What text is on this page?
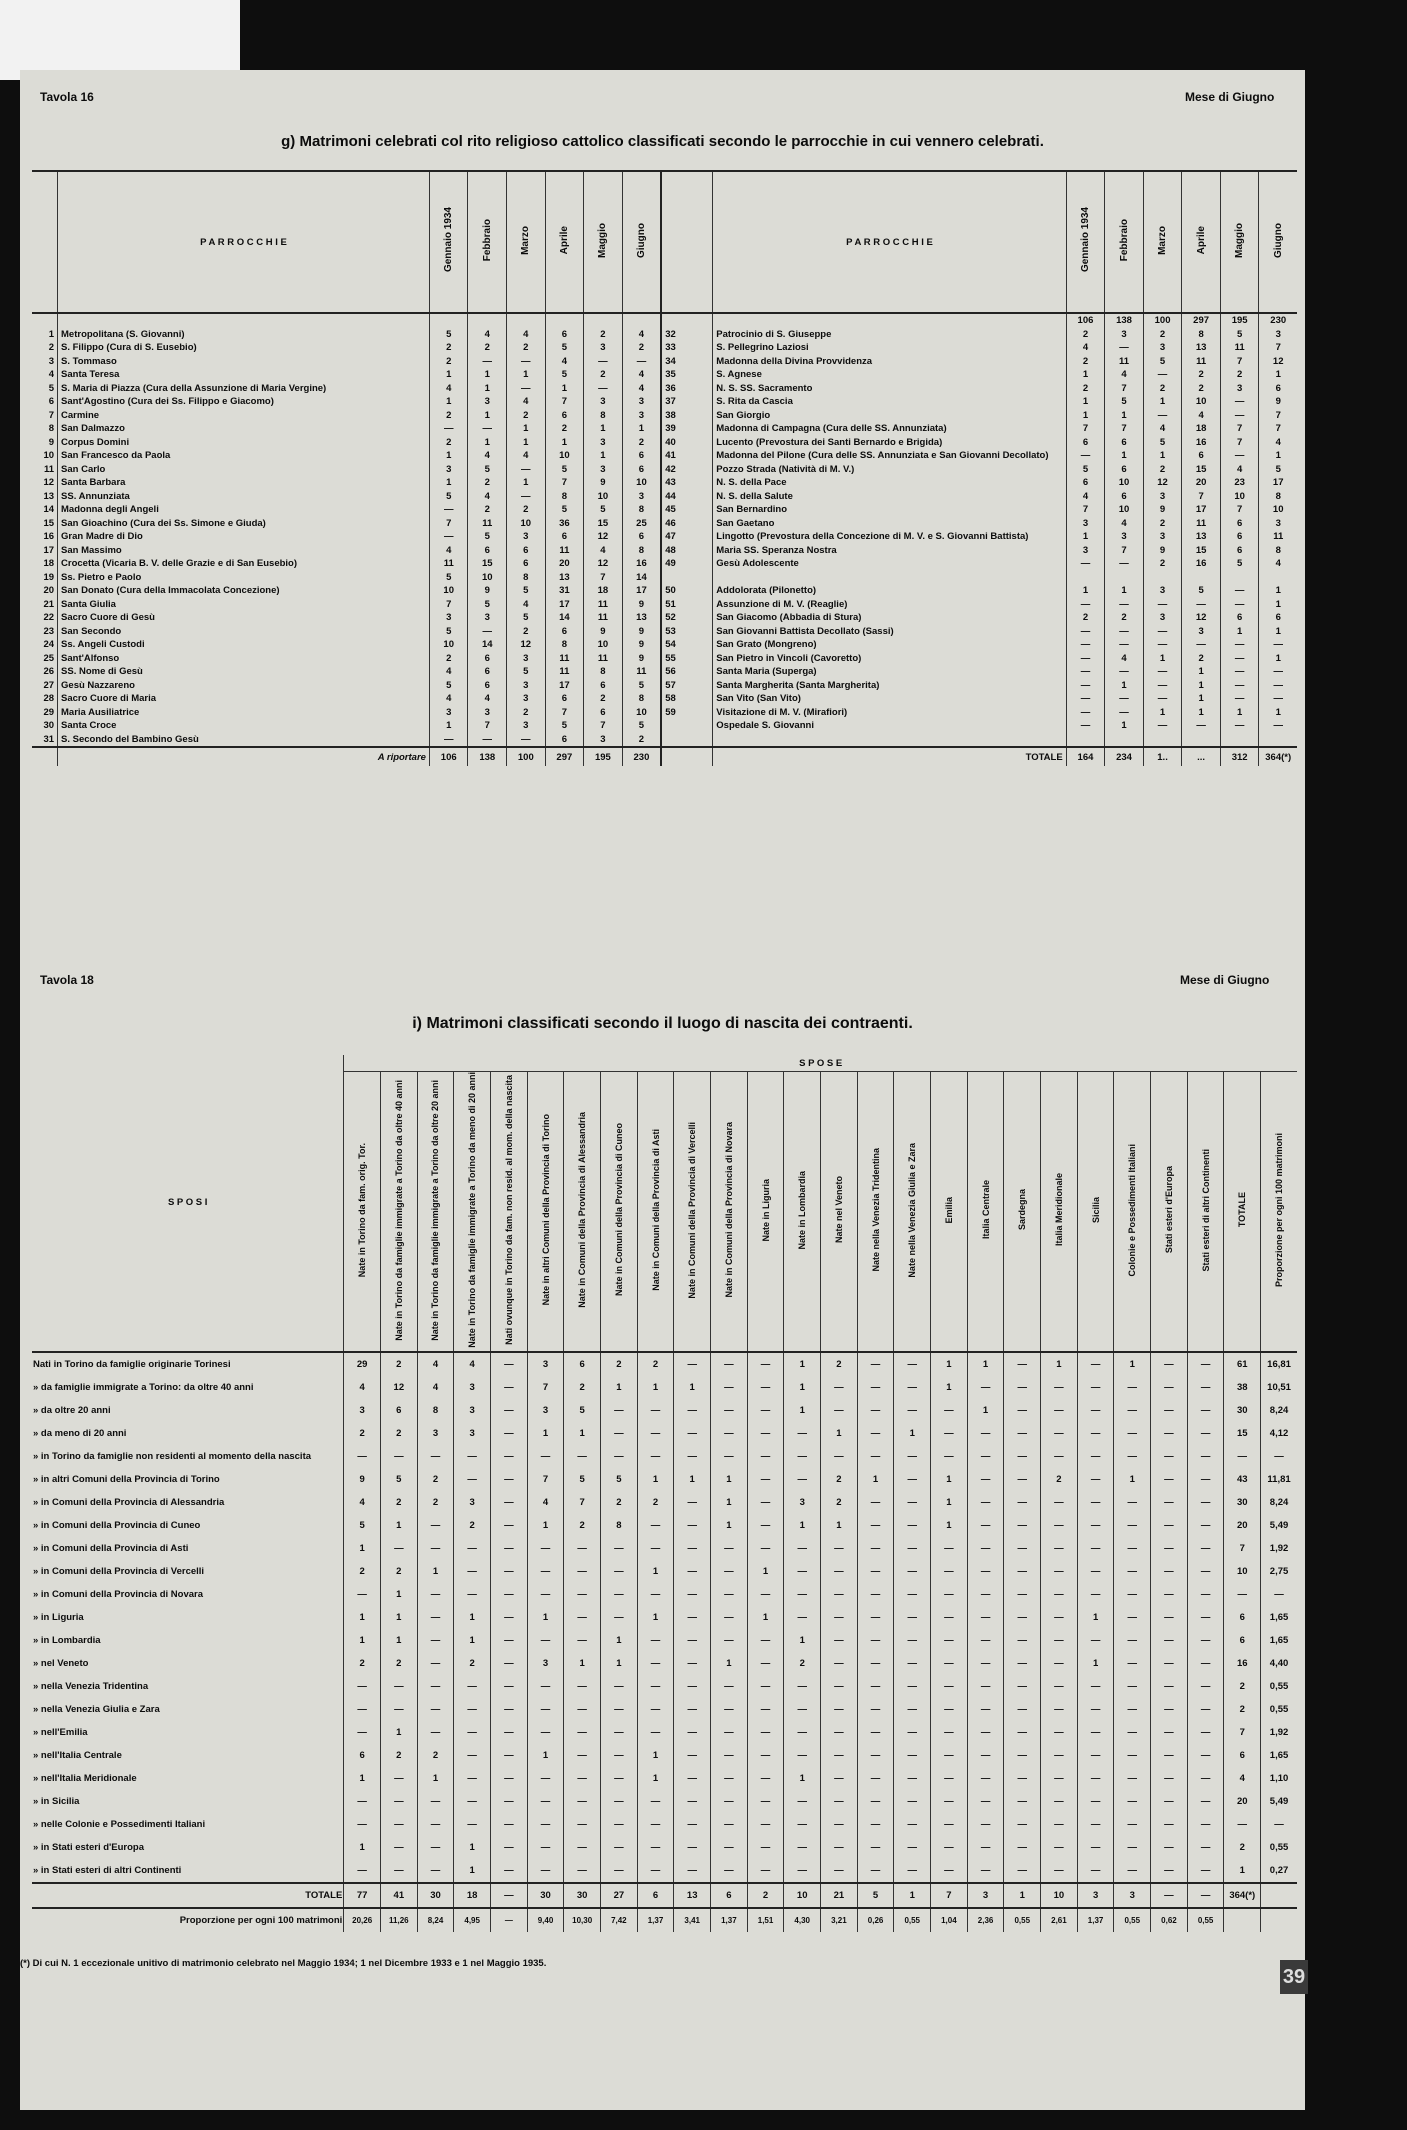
Tavola 16	Mese di Giugno
g) Matrimoni celebrati col rito religioso cattolico classificati secondo le parrocchie in cui vennero celebrati.
	P A R R O C C H I E	Gennaio 1934	Febbraio	Marzo	Aprile	Maggio	Giugno		P A R R O C C H I E	Gennaio 1934	Febbraio	Marzo	Aprile	Maggio	Giugno
										106	138	100	297	195	230
1	Metropolitana (S. Giovanni)	5	4	4	6	2	4	32	Patrocinio di S. Giuseppe	2	3	2	8	5	3
2	S. Filippo (Cura di S. Eusebio)	2	2	2	5	3	2	33	S. Pellegrino Laziosi	4	—	3	13	11	7
3	S. Tommaso	2	—	—	4	—	—	34	Madonna della Divina Provvidenza	2	11	5	11	7	12
4	Santa Teresa	1	1	1	5	2	4	35	S. Agnese	1	4	—	2	2	1
5	S. Maria di Piazza (Cura della Assunzione di Maria Vergine)	4	1	—	1	—	4	36	N. S. SS. Sacramento	2	7	2	2	3	6
6	Sant'Agostino (Cura dei Ss. Filippo e Giacomo)	1	3	4	7	3	3	37	S. Rita da Cascia	1	5	1	10	—	9
7	Carmine	2	1	2	6	8	3	38	San Giorgio	1	1	—	4	—	7
8	San Dalmazzo	—	—	1	2	1	1	39	Madonna di Campagna (Cura delle SS. Annunziata)	7	7	4	18	7	7
9	Corpus Domini	2	1	1	1	3	2	40	Lucento (Prevostura dei Santi Bernardo e Brigida)	6	6	5	16	7	4
10	San Francesco da Paola	1	4	4	10	1	6	41	Madonna del Pilone (Cura delle SS. Annunziata e San Giovanni Decollato)	—	1	1	6	—	1
11	San Carlo	3	5	—	5	3	6	42	Pozzo Strada (Natività di M. V.)	5	6	2	15	4	5
12	Santa Barbara	1	2	1	7	9	10	43	N. S. della Pace	6	10	12	20	23	17
13	SS. Annunziata	5	4	—	8	10	3	44	N. S. della Salute	4	6	3	7	10	8
14	Madonna degli Angeli	—	2	2	5	5	8	45	San Bernardino	7	10	9	17	7	10
15	San Gioachino (Cura dei Ss. Simone e Giuda)	7	11	10	36	15	25	46	San Gaetano	3	4	2	11	6	3
16	Gran Madre di Dio	—	5	3	6	12	6	47	Lingotto (Prevostura della Concezione di M. V. e S. Giovanni Battista)	1	3	3	13	6	11
17	San Massimo	4	6	6	11	4	8	48	Maria SS. Speranza Nostra	3	7	9	15	6	8
18	Crocetta (Vicaria B. V. delle Grazie e di San Eusebio)	11	15	6	20	12	16	49	Gesù Adolescente	—	—	2	16	5	4
19	Ss. Pietro e Paolo	5	10	8	13	7	14								
20	San Donato (Cura della Immacolata Concezione)	10	9	5	31	18	17	50	Addolorata (Pilonetto)	1	1	3	5	—	1
21	Santa Giulia	7	5	4	17	11	9	51	Assunzione di M. V. (Reaglie)	—	—	—	—	—	1
22	Sacro Cuore di Gesù	3	3	5	14	11	13	52	San Giacomo (Abbadia di Stura)	2	2	3	12	6	6
23	San Secondo	5	—	2	6	9	9	53	San Giovanni Battista Decollato (Sassi)	—	—	—	3	1	1
24	Ss. Angeli Custodi	10	14	12	8	10	9	54	San Grato (Mongreno)	—	—	—	—	—	—
25	Sant'Alfonso	2	6	3	11	11	9	55	San Pietro in Vincoli (Cavoretto)	—	4	1	2	—	1
26	SS. Nome di Gesù	4	6	5	11	8	11	56	Santa Maria (Superga)	—	—	—	1	—	—
27	Gesù Nazzareno	5	6	3	17	6	5	57	Santa Margherita (Santa Margherita)	—	1	—	1	—	—
28	Sacro Cuore di Maria	4	4	3	6	2	8	58	San Vito (San Vito)	—	—	—	1	—	—
29	Maria Ausiliatrice	3	3	2	7	6	10	59	Visitazione di M. V. (Mirafiori)	—	—	1	1	1	1
30	Santa Croce	1	7	3	5	7	5		Ospedale S. Giovanni	—	1	—	—	—	—
31	S. Secondo del Bambino Gesù	—	—	—	6	3	2								
	A riportare	106	138	100	297	195	230		TOTALE	164	234	1..	...	312	364(*)
Tavola 18	Mese di Giugno
i) Matrimoni classificati secondo il luogo di nascita dei contraenti.
S P O S I	S P O S E																									
	Nate in Torino da fam. orig. Tor.	Nate in Torino da famiglie immigrate a Torino da oltre 40 anni	Nate in Torino da famiglie immigrate a Torino da oltre 20 anni	Nate in Torino da famiglie immigrate a Torino da meno di 20 anni	Nati ovunque in Torino da fam. non resid. al mom. della nascita	Nate in altri Comuni della Provincia di Torino	Nate in Comuni della Provincia di Alessandria	Nate in Comuni della Provincia di Cuneo	Nate in Comuni della Provincia di Asti	Nate in Comuni della Provincia di Vercelli	Nate in Comuni della Provincia di Novara	Nate in Liguria	Nate in Lombardia	Nate nel Veneto	Nate nella Venezia Tridentina	Nate nella Venezia Giulia e Zara	Emilia	Italia Centrale	Sardegna	Italia Meridionale	Sicilia	Colonie e Possedimenti Italiani	Stati esteri d'Europa	Stati esteri di altri Continenti	TOTALE	Proporzione per ogni 100 matrimoni
Nati in Torino da famiglie originarie Torinesi	29	2	4	4	—	3	6	2	2	—	—	—	1	2	—	—	1	1	—	1	—	1	—	—	61	16,81
» da famiglie immigrate a Torino: da oltre 40 anni	4	12	4	3	—	7	2	1	1	1	—	—	1	—	—	—	1	—	—	—	—	—	—	—	38	10,51
» da oltre 20 anni	3	6	8	3	—	3	5	—	—	—	—	—	1	—	—	—	—	1	—	—	—	—	—	—	30	8,24
» da meno di 20 anni	2	2	3	3	—	1	1	—	—	—	—	—	—	1	—	1	—	—	—	—	—	—	—	—	15	4,12
» in Torino da famiglie non residenti al momento della nascita	—	—	—	—	—	—	—	—	—	—	—	—	—	—	—	—	—	—	—	—	—	—	—	—	—	—
» in altri Comuni della Provincia di Torino	9	5	2	—	—	7	5	5	1	1	1	—	—	2	1	—	1	—	—	2	—	1	—	—	43	11,81
» in Comuni della Provincia di Alessandria	4	2	2	3	—	4	7	2	2	—	1	—	3	2	—	—	1	—	—	—	—	—	—	—	30	8,24
» in Comuni della Provincia di Cuneo	5	1	—	2	—	1	2	8	—	—	1	—	1	1	—	—	1	—	—	—	—	—	—	—	20	5,49
» in Comuni della Provincia di Asti	1	—	—	—	—	—	—	—	—	—	—	—	—	—	—	—	—	—	—	—	—	—	—	—	7	1,92
» in Comuni della Provincia di Vercelli	2	2	1	—	—	—	—	—	1	—	—	1	—	—	—	—	—	—	—	—	—	—	—	—	10	2,75
» in Comuni della Provincia di Novara	—	1	—	—	—	—	—	—	—	—	—	—	—	—	—	—	—	—	—	—	—	—	—	—	—	—
» in Liguria	1	1	—	1	—	1	—	—	1	—	—	1	—	—	—	—	—	—	—	—	1	—	—	—	6	1,65
» in Lombardia	1	1	—	1	—	—	—	1	—	—	—	—	1	—	—	—	—	—	—	—	—	—	—	—	6	1,65
» nel Veneto	2	2	—	2	—	3	1	1	—	—	1	—	2	—	—	—	—	—	—	—	1	—	—	—	16	4,40
» nella Venezia Tridentina	—	—	—	—	—	—	—	—	—	—	—	—	—	—	—	—	—	—	—	—	—	—	—	—	2	0,55
» nella Venezia Giulia e Zara	—	—	—	—	—	—	—	—	—	—	—	—	—	—	—	—	—	—	—	—	—	—	—	—	2	0,55
» nell'Emilia	—	1	—	—	—	—	—	—	—	—	—	—	—	—	—	—	—	—	—	—	—	—	—	—	7	1,92
» nell'Italia Centrale	6	2	2	—	—	1	—	—	1	—	—	—	—	—	—	—	—	—	—	—	—	—	—	—	6	1,65
» nell'Italia Meridionale	1	—	1	—	—	—	—	—	1	—	—	—	1	—	—	—	—	—	—	—	—	—	—	—	4	1,10
» in Sicilia	—	—	—	—	—	—	—	—	—	—	—	—	—	—	—	—	—	—	—	—	—	—	—	—	20	5,49
» nelle Colonie e Possedimenti Italiani	—	—	—	—	—	—	—	—	—	—	—	—	—	—	—	—	—	—	—	—	—	—	—	—	—	—
» in Stati esteri d'Europa	1	—	—	1	—	—	—	—	—	—	—	—	—	—	—	—	—	—	—	—	—	—	—	—	2	0,55
» in Stati esteri di altri Continenti	—	—	—	1	—	—	—	—	—	—	—	—	—	—	—	—	—	—	—	—	—	—	—	—	1	0,27
TOTALE	77	41	30	18	—	30	30	27	6	13	6	2	10	21	5	1	7	3	1	10	3	3	—	—	364(*)	
Proporzione per ogni 100 matrimoni	20,26	11,26	8,24	4,95	—	9,40	10,30	7,42	1,37	3,41	1,37	1,51	4,30	3,21	0,26	0,55	1,04	2,36	0,55	2,61	1,37	0,55	0,62	0,55		
(*) Di cui N. 1 eccezionale unitivo di matrimonio celebrato nel Maggio 1934; 1 nel Dicembre 1933 e 1 nel Maggio 1935.
39
